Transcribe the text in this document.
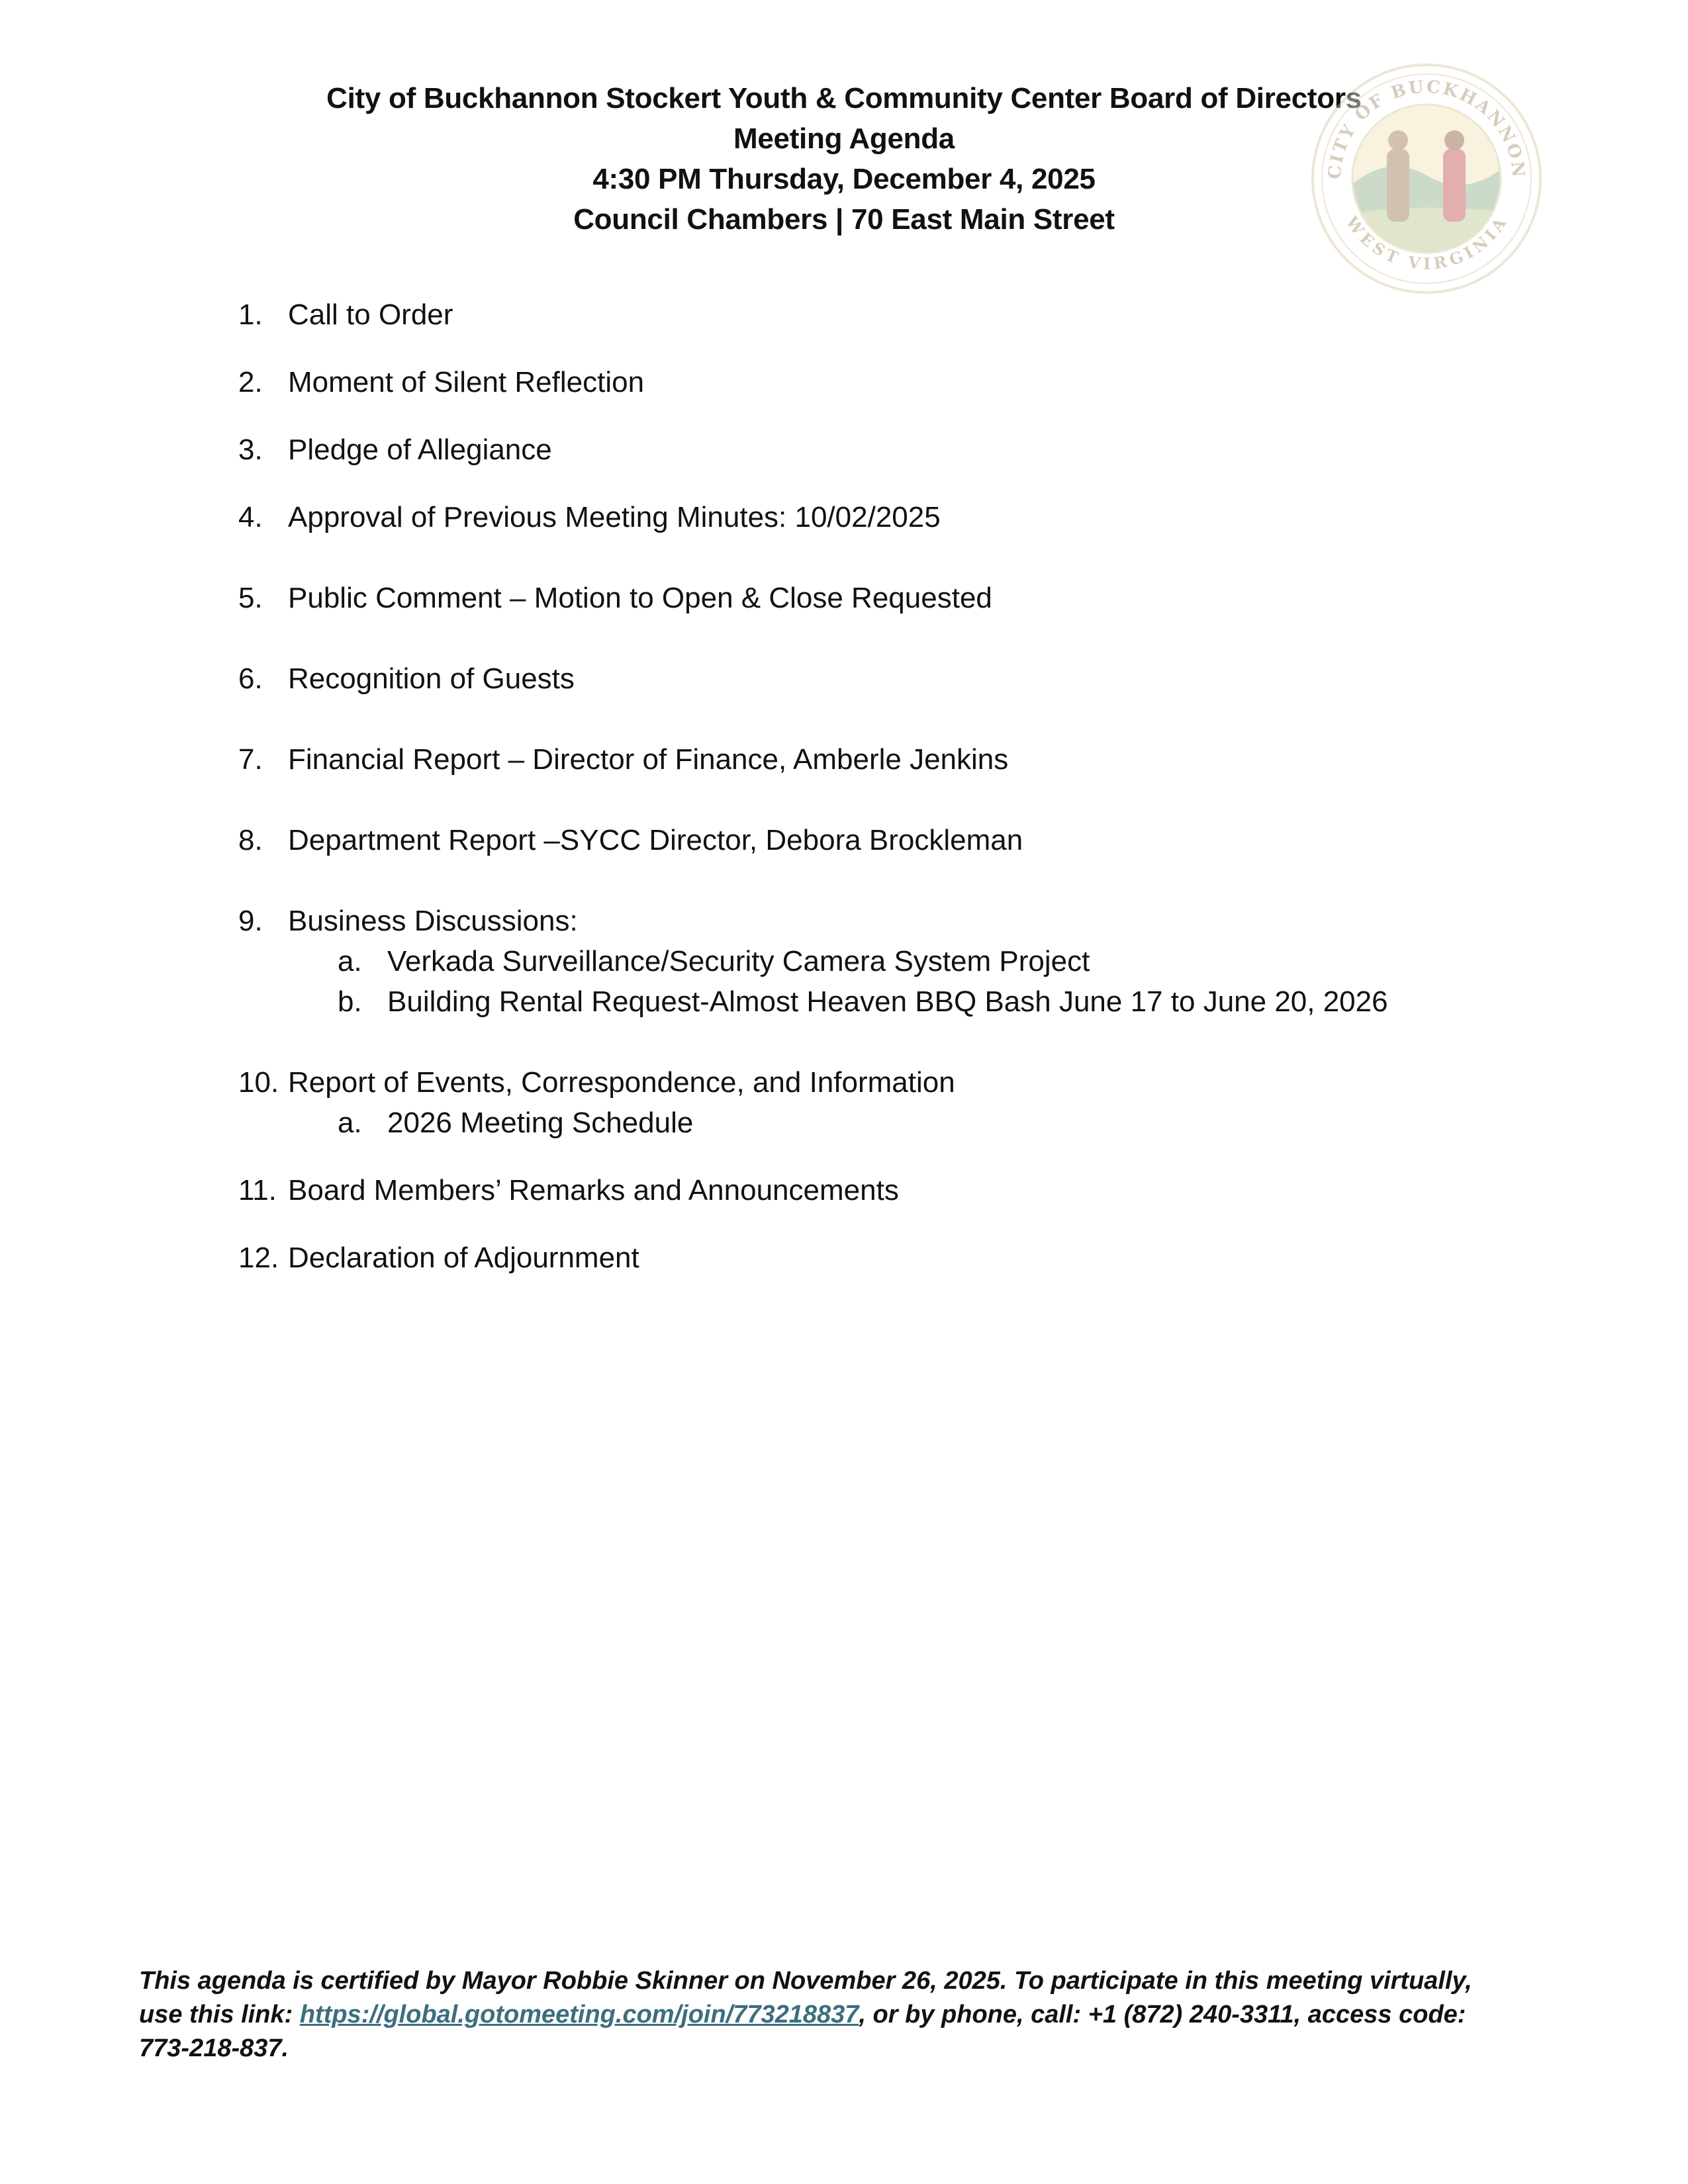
City of Buckhannon Stockert Youth & Community Center Board of Directors
Meeting Agenda
4:30 PM Thursday, December 4, 2025
Council Chambers | 70 East Main Street
CITY OF BUCKHANNON
WEST VIRGINIA
1. Call to Order
2. Moment of Silent Reflection
3. Pledge of Allegiance
4. Approval of Previous Meeting Minutes: 10/02/2025
5. Public Comment – Motion to Open & Close Requested
6. Recognition of Guests
7. Financial Report – Director of Finance, Amberle Jenkins
8. Department Report –SYCC Director, Debora Brockleman
9. Business Discussions:
a. Verkada Surveillance/Security Camera System Project
b. Building Rental Request-Almost Heaven BBQ Bash June 17 to June 20, 2026
10. Report of Events, Correspondence, and Information
a. 2026 Meeting Schedule
11. Board Members’ Remarks and Announcements
12. Declaration of Adjournment
This agenda is certified by Mayor Robbie Skinner on November 26, 2025. To participate in this meeting virtually,
use this link: https://global.gotomeeting.com/join/773218837, or by phone, call: +1 (872) 240-3311, access code:
773-218-837.
